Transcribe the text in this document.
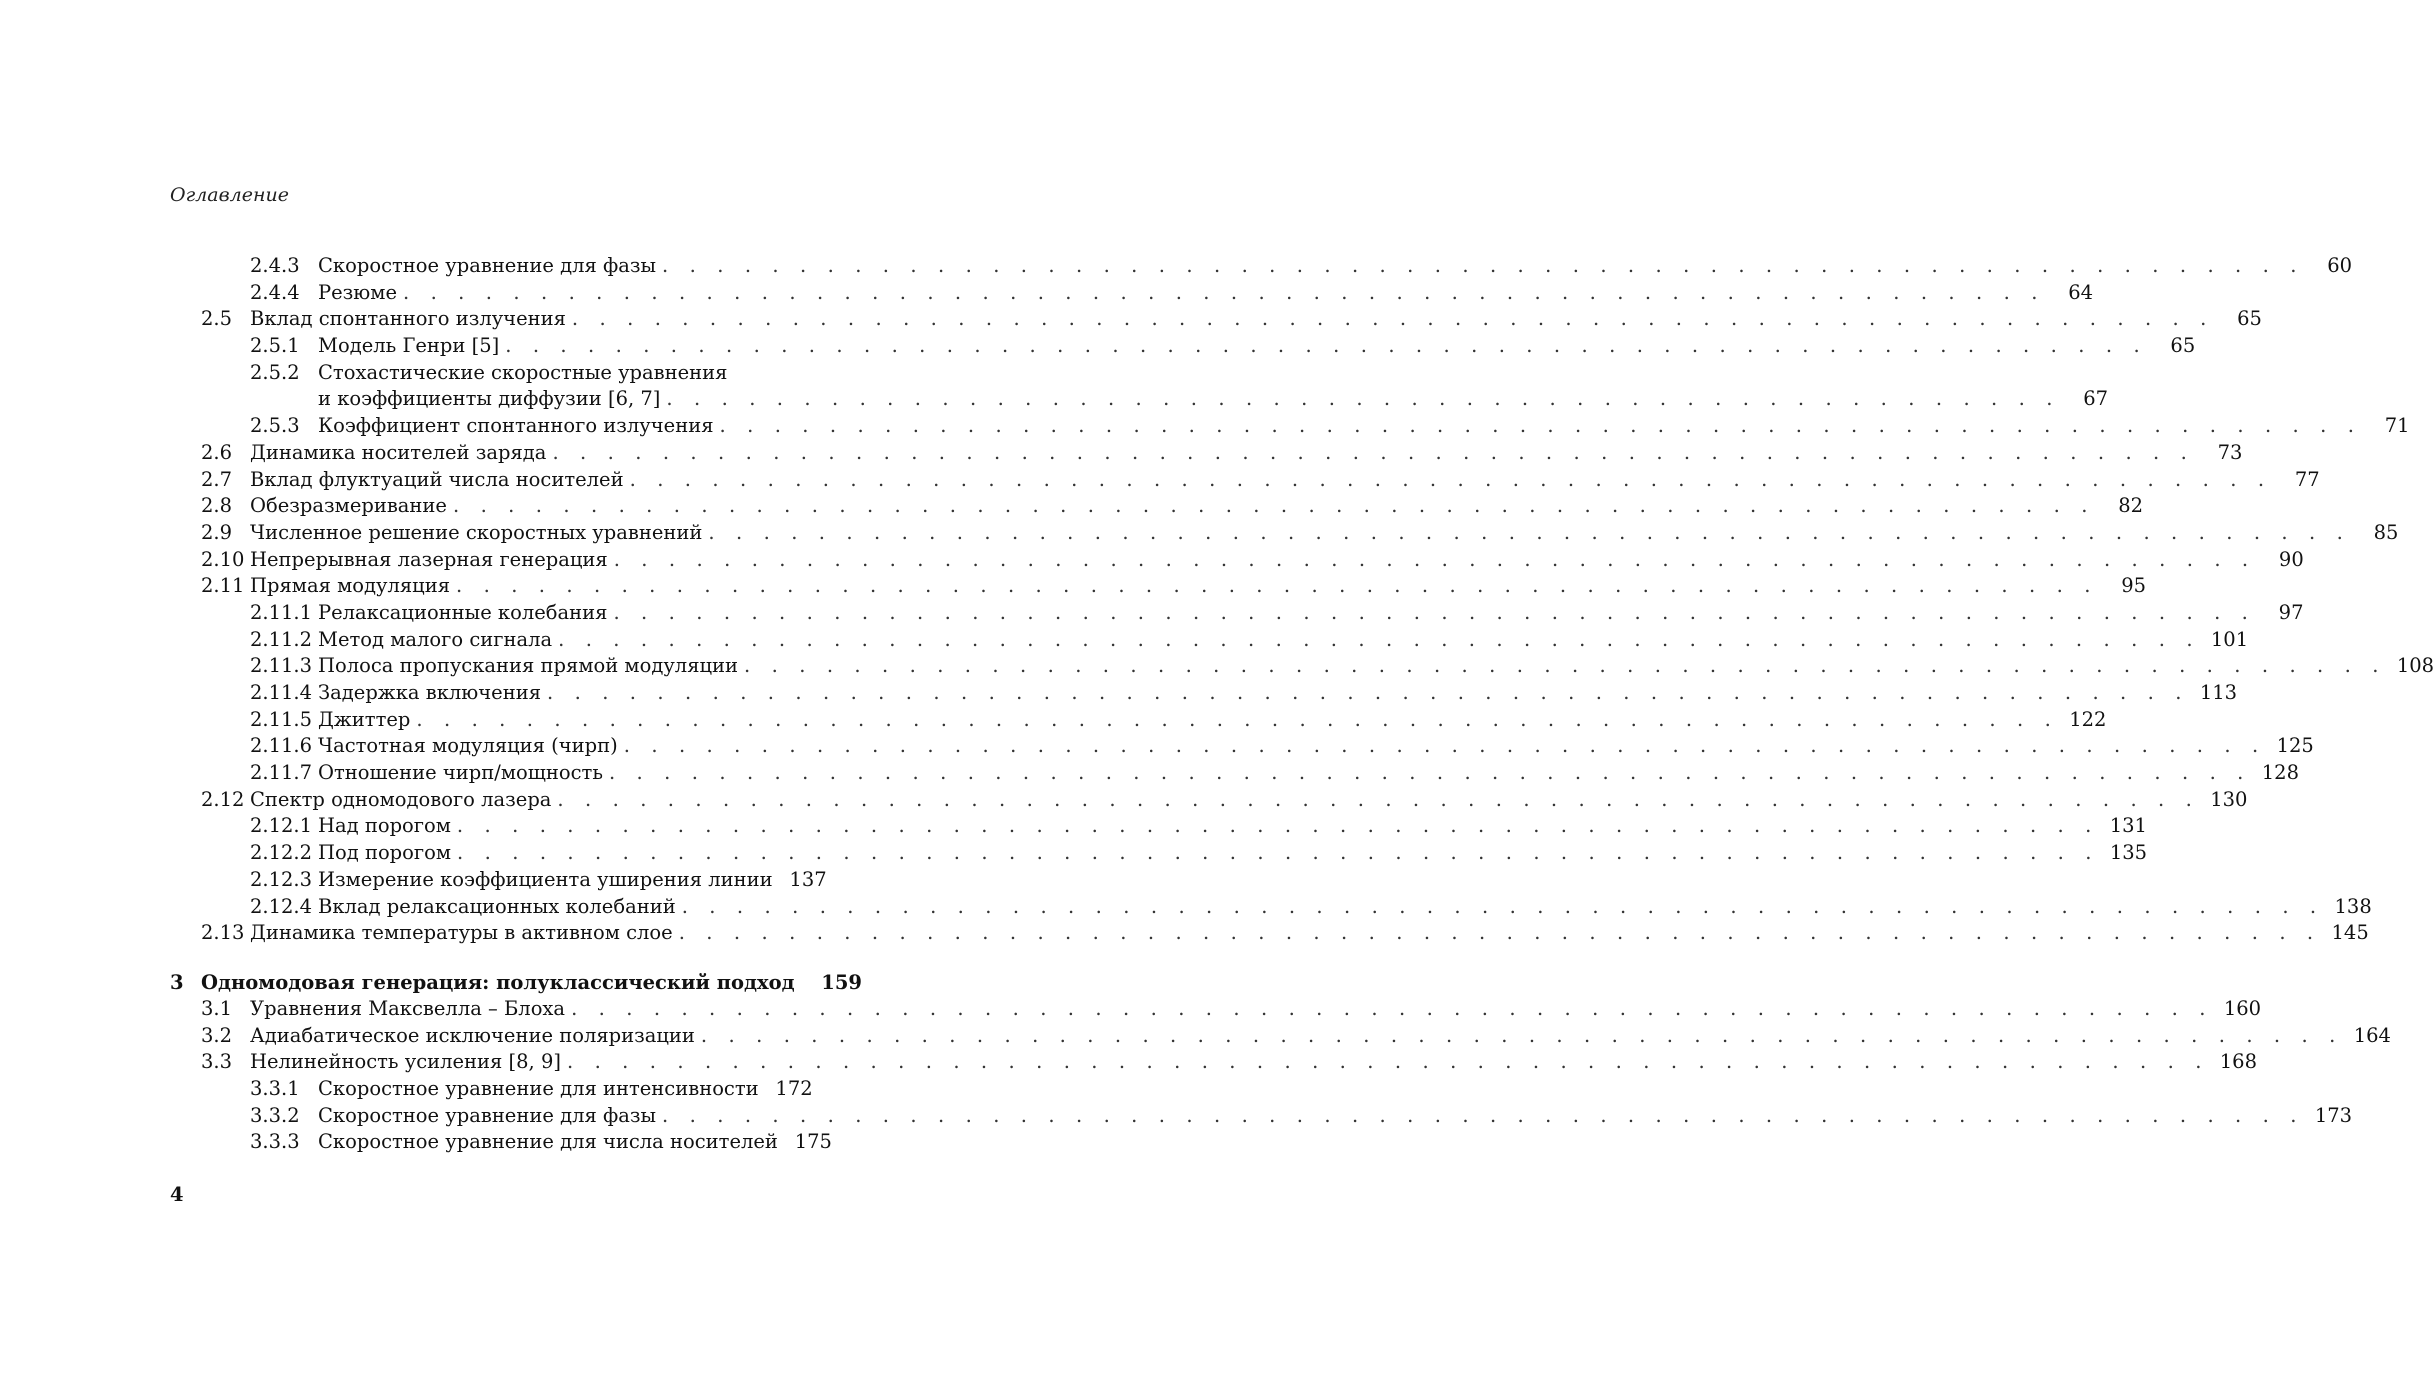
Оглавление
2.4.3 Скоростное уравнение для фазы . . . . . . . . . . . . . . . . . . . . . . . . . . . . . . . . . . . . . . . . . . . . . . . . . . . . . . . . . . . .	60
2.4.4 Резюме . . . . . . . . . . . . . . . . . . . . . . . . . . . . . . . . . . . . . . . . . . . . . . . . . . . . . . . . . . . .	64
2.5 Вклад спонтанного излучения . . . . . . . . . . . . . . . . . . . . . . . . . . . . . . . . . . . . . . . . . . . . . . . . . . . . . . . . . . . .	65
2.5.1 Модель Генри [5] . . . . . . . . . . . . . . . . . . . . . . . . . . . . . . . . . . . . . . . . . . . . . . . . . . . . . . . . . . . .	65
2.5.2 Стохастические скоростные уравнения
и коэффициенты диффузии [6, 7] . . . . . . . . . . . . . . . . . . . . . . . . . . . . . . . . . . . . . . . . . . . . . . . . . . .	67
2.5.3 Коэффициент спонтанного излучения . . . . . . . . . . . . . . . . . . . . . . . . . . . . . . . . . . . . . . . . . . . . . . . . . . . . . . . . . . . .	71
2.6 Динамика носителей заряда . . . . . . . . . . . . . . . . . . . . . . . . . . . . . . . . . . . . . . . . . . . . . . . . . . . . . . . . . . . .	73
2.7 Вклад флуктуаций числа носителей . . . . . . . . . . . . . . . . . . . . . . . . . . . . . . . . . . . . . . . . . . . . . . . . . . . . . . . . . . . .	77
2.8 Обезразмеривание . . . . . . . . . . . . . . . . . . . . . . . . . . . . . . . . . . . . . . . . . . . . . . . . . . . . . . . . . . . .	82
2.9 Численное решение скоростных уравнений . . . . . . . . . . . . . . . . . . . . . . . . . . . . . . . . . . . . . . . . . . . . . . . . . . . . . . . . . . . .	85
2.10 Непрерывная лазерная генерация . . . . . . . . . . . . . . . . . . . . . . . . . . . . . . . . . . . . . . . . . . . . . . . . . . . . . . . . . . . .	90
2.11 Прямая модуляция . . . . . . . . . . . . . . . . . . . . . . . . . . . . . . . . . . . . . . . . . . . . . . . . . . . . . . . . . . . .	95
2.11.1 Релаксационные колебания . . . . . . . . . . . . . . . . . . . . . . . . . . . . . . . . . . . . . . . . . . . . . . . . . . . . . . . . . . . .	97
2.11.2 Метод малого сигнала . . . . . . . . . . . . . . . . . . . . . . . . . . . . . . . . . . . . . . . . . . . . . . . . . . . . . . . . . . . . 101
2.11.3 Полоса пропускания прямой модуляции . . . . . . . . . . . . . . . . . . . . . . . . . . . . . . . . . . . . . . . . . . . . . . . . . . . . . . . . . . . . 108
2.11.4 Задержка включения . . . . . . . . . . . . . . . . . . . . . . . . . . . . . . . . . . . . . . . . . . . . . . . . . . . . . . . . . . . . 113
2.11.5 Джиттер . . . . . . . . . . . . . . . . . . . . . . . . . . . . . . . . . . . . . . . . . . . . . . . . . . . . . . . . . . . . 122
2.11.6 Частотная модуляция (чирп) . . . . . . . . . . . . . . . . . . . . . . . . . . . . . . . . . . . . . . . . . . . . . . . . . . . . . . . . . . . . 125
2.11.7 Отношение чирп/мощность . . . . . . . . . . . . . . . . . . . . . . . . . . . . . . . . . . . . . . . . . . . . . . . . . . . . . . . . . . . . 128
2.12 Спектр одномодового лазера . . . . . . . . . . . . . . . . . . . . . . . . . . . . . . . . . . . . . . . . . . . . . . . . . . . . . . . . . . . . 130
2.12.1 Над порогом . . . . . . . . . . . . . . . . . . . . . . . . . . . . . . . . . . . . . . . . . . . . . . . . . . . . . . . . . . . . 131
2.12.2 Под порогом . . . . . . . . . . . . . . . . . . . . . . . . . . . . . . . . . . . . . . . . . . . . . . . . . . . . . . . . . . . . 135
2.12.3 Измерение коэффициента уширения линии 137
2.12.4 Вклад релаксационных колебаний . . . . . . . . . . . . . . . . . . . . . . . . . . . . . . . . . . . . . . . . . . . . . . . . . . . . . . . . . . . . 138
2.13 Динамика температуры в активном слое . . . . . . . . . . . . . . . . . . . . . . . . . . . . . . . . . . . . . . . . . . . . . . . . . . . . . . . . . . . . 145
3 Одномодовая генерация: полуклассический подход 159
3.1 Уравнения Максвелла – Блоха . . . . . . . . . . . . . . . . . . . . . . . . . . . . . . . . . . . . . . . . . . . . . . . . . . . . . . . . . . . . 160
3.2 Адиабатическое исключение поляризации . . . . . . . . . . . . . . . . . . . . . . . . . . . . . . . . . . . . . . . . . . . . . . . . . . . . . . . . . . . . 164
3.3 Нелинейность усиления [8, 9] . . . . . . . . . . . . . . . . . . . . . . . . . . . . . . . . . . . . . . . . . . . . . . . . . . . . . . . . . . . . 168
3.3.1 Скоростное уравнение для интенсивности 172
3.3.2 Скоростное уравнение для фазы . . . . . . . . . . . . . . . . . . . . . . . . . . . . . . . . . . . . . . . . . . . . . . . . . . . . . . . . . . . . 173
3.3.3 Скоростное уравнение для числа носителей 175
4
